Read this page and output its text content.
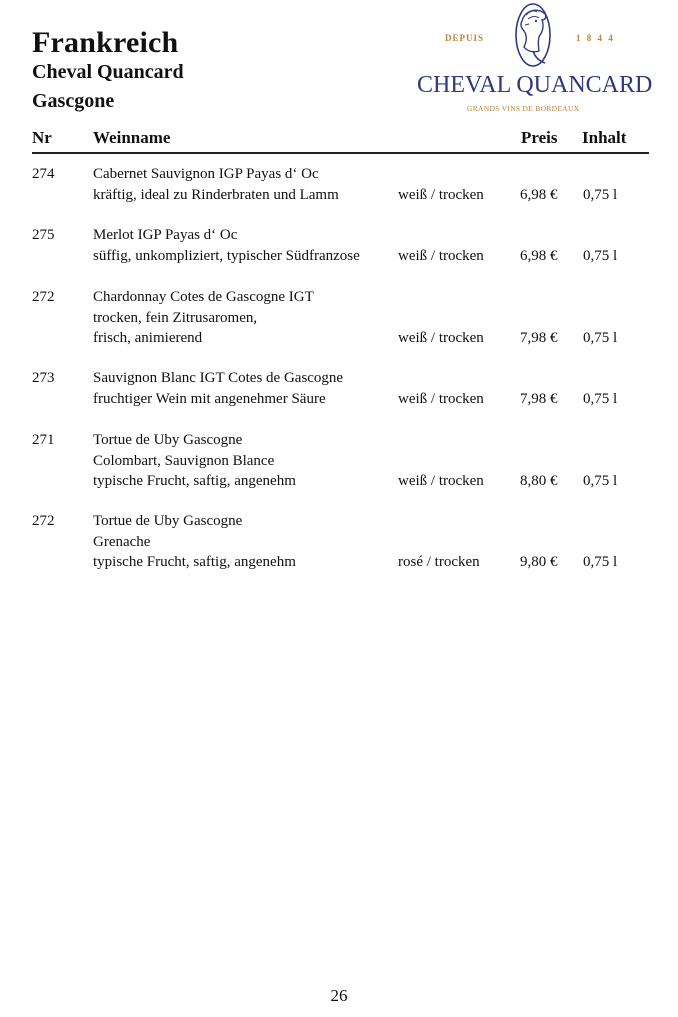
Frankreich
Cheval Quancard
Gascgone
DEPUIS	1 8 4 4
CHEVAL QUANCARD
GRANDS VINS DE BORDEAUX
Nr Weinname	Preis Inhalt
274	Cabernet Sauvignon IGP Payas d‘ Oc
kräftig, ideal zu Rinderbraten und Lamm	weiß / trocken 6,98 € 0,75 l
275	Merlot IGP Payas d‘ Oc
süffig, unkompliziert, typischer Südfranzose	weiß / trocken 6,98 € 0,75 l
272	Chardonnay Cotes de Gascogne IGT
trocken, fein Zitrusaromen,
frisch, animierend	weiß / trocken 7,98 € 0,75 l
273	Sauvignon Blanc IGT Cotes de Gascogne
fruchtiger Wein mit angenehmer Säure	weiß / trocken 7,98 € 0,75 l
271	Tortue de Uby Gascogne
Colombart, Sauvignon Blance
typische Frucht, saftig, angenehm	weiß / trocken 8,80 € 0,75 l
272	Tortue de Uby Gascogne
Grenache
typische Frucht, saftig, angenehm	rosé / trocken	9,80 € 0,75 l
26
